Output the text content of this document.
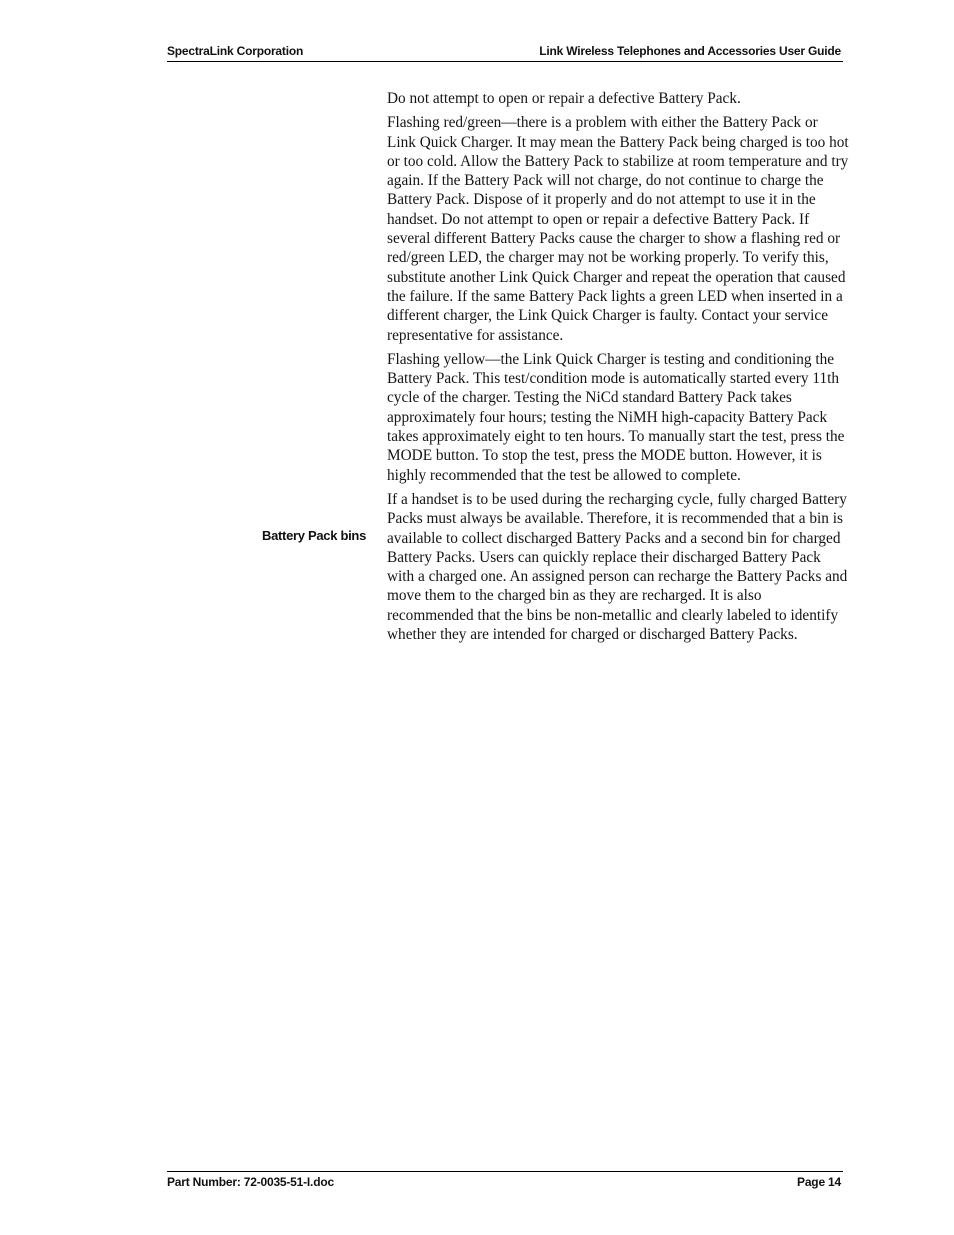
SpectraLink Corporation	Link Wireless Telephones and Accessories User Guide

Do not attempt to open or repair a defective Battery Pack.

Flashing red/green—there is a problem with either the Battery Pack or Link Quick Charger. It may mean the Battery Pack being charged is too hot or too cold. Allow the Battery Pack to stabilize at room temperature and try again. If the Battery Pack will not charge, do not continue to charge the Battery Pack. Dispose of it properly and do not attempt to use it in the handset. Do not attempt to open or repair a defective Battery Pack. If several different Battery Packs cause the charger to show a flashing red or red/green LED, the charger may not be working properly. To verify this, substitute another Link Quick Charger and repeat the operation that caused the failure. If the same Battery Pack lights a green LED when inserted in a different charger, the Link Quick Charger is faulty. Contact your service representative for assistance.

Flashing yellow—the Link Quick Charger is testing and conditioning the Battery Pack. This test/condition mode is automatically started every 11th cycle of the charger. Testing the NiCd standard Battery Pack takes approximately four hours; testing the NiMH high-capacity Battery Pack takes approximately eight to ten hours. To manually start the test, press the MODE button. To stop the test, press the MODE button. However, it is highly recommended that the test be allowed to complete.

If a handset is to be used during the recharging cycle, fully charged Battery Packs must always be available. Therefore, it is recommended that a bin is available to collect discharged Battery Packs and a second bin for charged Battery Packs. Users can quickly replace their discharged Battery Pack with a charged one. An assigned person can recharge the Battery Packs and move them to the charged bin as they are recharged. It is also recommended that the bins be non-metallic and clearly labeled to identify whether they are intended for charged or discharged Battery Packs.

Battery Pack bins
Part Number: 72-0035-51-I.doc	Page 14
